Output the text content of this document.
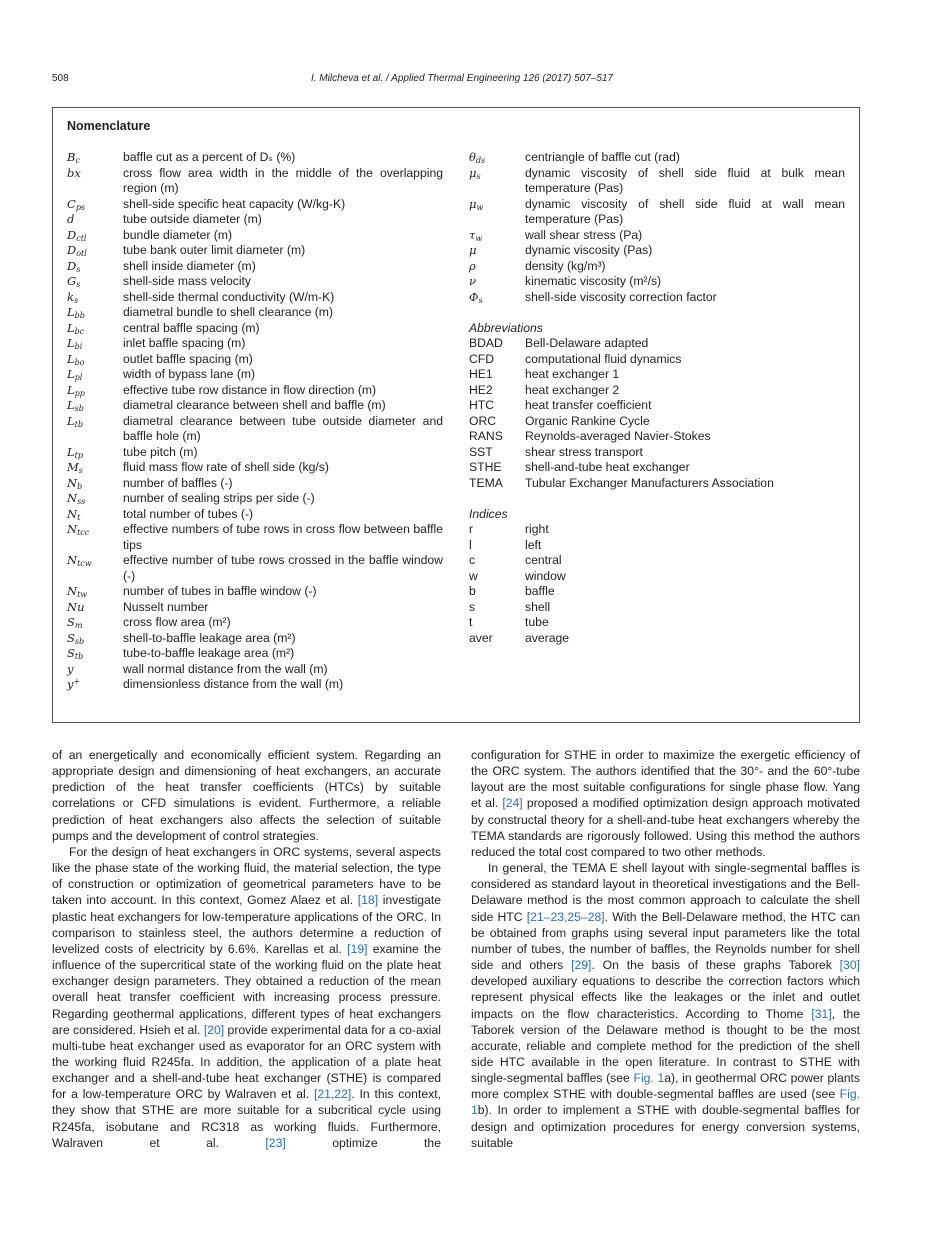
508	I. Milcheva et al. / Applied Thermal Engineering 126 (2017) 507–517
Nomenclature
$B_c$	baffle cut as a percent of Dₛ (%)
bx	cross flow area width in the middle of the overlapping region (m)
$C_{ps}$	shell-side specific heat capacity (W/kg-K)
d	tube outside diameter (m)
$D_{ctl}$	bundle diameter (m)
$D_{otl}$	tube bank outer limit diameter (m)
$D_s$	shell inside diameter (m)
$G_s$	shell-side mass velocity
$k_s$	shell-side thermal conductivity (W/m-K)
$L_{bb}$	diametral bundle to shell clearance (m)
$L_{bc}$	central baffle spacing (m)
$L_{bi}$	inlet baffle spacing (m)
$L_{bo}$	outlet baffle spacing (m)
$L_{pl}$	width of bypass lane (m)
$L_{pp}$	effective tube row distance in flow direction (m)
$L_{sb}$	diametral clearance between shell and baffle (m)
$L_{tb}$	diametral clearance between tube outside diameter and baffle hole (m)
$L_{tp}$	tube pitch (m)
$M_s$	fluid mass flow rate of shell side (kg/s)
$N_b$	number of baffles (-)
$N_{ss}$	number of sealing strips per side (-)
$N_t$	total number of tubes (-)
$N_{tcc}$	effective numbers of tube rows in cross flow between baffle tips
$N_{tcw}$	effective number of tube rows crossed in the baffle window (-)
$N_{tw}$	number of tubes in baffle window (-)
Nu	Nusselt number
$S_m$	cross flow area (m²)
$S_{sb}$	shell-to-baffle leakage area (m²)
$S_{tb}$	tube-to-baffle leakage area (m²)
y	wall normal distance from the wall (m)
y+	dimensionless distance from the wall (m)
$\theta_{ds}$	centriangle of baffle cut (rad)
$\mu_s$	dynamic viscosity of shell side fluid at bulk mean temperature (Pas)
$\mu_w$	dynamic viscosity of shell side fluid at wall mean temperature (Pas)
$\tau_w$	wall shear stress (Pa)
μ	dynamic viscosity (Pas)
ρ	density (kg/m³)
ν	kinematic viscosity (m²/s)
$\Phi_s$	shell-side viscosity correction factor
Abbreviations
BDAD	Bell-Delaware adapted
CFD	computational fluid dynamics
HE1	heat exchanger 1
HE2	heat exchanger 2
HTC	heat transfer coefficient
ORC	Organic Rankine Cycle
RANS	Reynolds-averaged Navier-Stokes
SST	shear stress transport
STHE	shell-and-tube heat exchanger
TEMA	Tubular Exchanger Manufacturers Association
Indices
r	right
l	left
c	central
w	window
b	baffle
s	shell
t	tube
aver	average

of an energetically and economically efficient system. Regarding an appropriate design and dimensioning of heat exchangers, an accurate prediction of the heat transfer coefficients (HTCs) by suitable correlations or CFD simulations is evident. Furthermore, a reliable prediction of heat exchangers also affects the selection of suitable pumps and the development of control strategies.

For the design of heat exchangers in ORC systems, several aspects like the phase state of the working fluid, the material selection, the type of construction or optimization of geometrical parameters have to be taken into account. In this context, Gomez Alaez et al. [18] investigate plastic heat exchangers for low-temperature applications of the ORC. In comparison to stainless steel, the authors determine a reduction of levelized costs of electricity by 6.6%. Karellas et al. [19] examine the influence of the supercritical state of the working fluid on the plate heat exchanger design parameters. They obtained a reduction of the mean overall heat transfer coefficient with increasing process pressure. Regarding geothermal applications, different types of heat exchangers are considered. Hsieh et al. [20] provide experimental data for a co-axial multi-tube heat exchanger used as evaporator for an ORC system with the working fluid R245fa. In addition, the application of a plate heat exchanger and a shell-and-tube heat exchanger (STHE) is compared for a low-temperature ORC by Walraven et al. [21,22]. In this context, they show that STHE are more suitable for a subcritical cycle using R245fa, isobutane and RC318 as working fluids. Furthermore, Walraven et al. [23] optimize the

configuration for STHE in order to maximize the exergetic efficiency of the ORC system. The authors identified that the 30°- and the 60°-tube layout are the most suitable configurations for single phase flow. Yang et al. [24] proposed a modified optimization design approach motivated by constructal theory for a shell-and-tube heat exchangers whereby the TEMA standards are rigorously followed. Using this method the authors reduced the total cost compared to two other methods.

In general, the TEMA E shell layout with single-segmental baffles is considered as standard layout in theoretical investigations and the Bell-Delaware method is the most common approach to calculate the shell side HTC [21–23,25–28]. With the Bell-Delaware method, the HTC can be obtained from graphs using several input parameters like the total number of tubes, the number of baffles, the Reynolds number for shell side and others [29]. On the basis of these graphs Taborek [30] developed auxiliary equations to describe the correction factors which represent physical effects like the leakages or the inlet and outlet impacts on the flow characteristics. According to Thome [31], the Taborek version of the Delaware method is thought to be the most accurate, reliable and complete method for the prediction of the shell side HTC available in the open literature. In contrast to STHE with single-segmental baffles (see Fig. 1a), in geothermal ORC power plants more complex STHE with double-segmental baffles are used (see Fig. 1b). In order to implement a STHE with double-segmental baffles for design and optimization procedures for energy conversion systems, suitable
